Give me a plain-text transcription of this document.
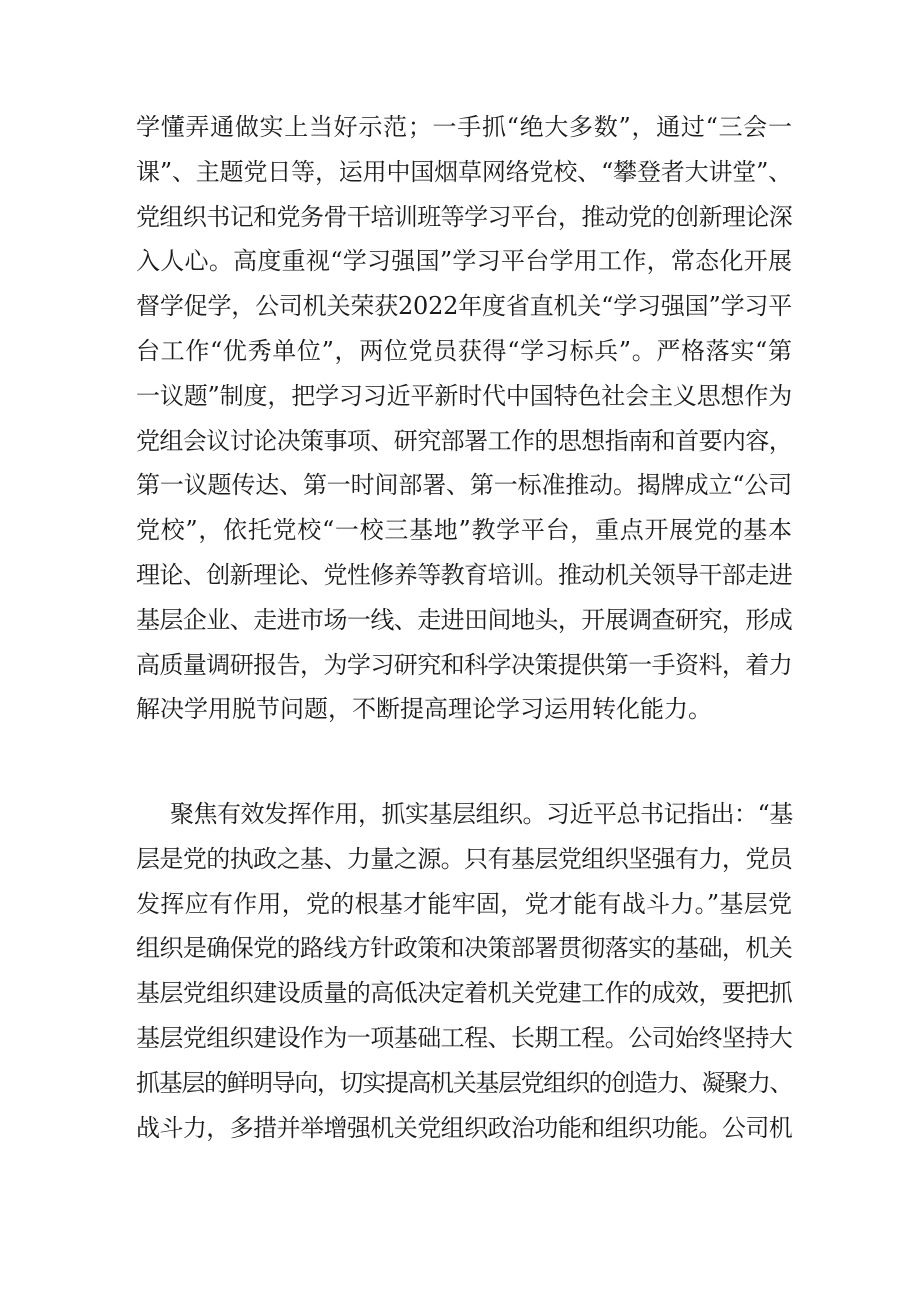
学懂弄通做实上当好示范；一手抓“绝大多数”，通过“三会一
课”、主题党日等，运用中国烟草网络党校、“攀登者大讲堂”、
党组织书记和党务骨干培训班等学习平台，推动党的创新理论深
入人心。高度重视“学习强国”学习平台学用工作，常态化开展
督学促学，公司机关荣获2022年度省直机关“学习强国”学习平
台工作“优秀单位”，两位党员获得“学习标兵”。严格落实“第
一议题”制度，把学习习近平新时代中国特色社会主义思想作为
党组会议讨论决策事项、研究部署工作的思想指南和首要内容，
第一议题传达、第一时间部署、第一标准推动。揭牌成立“公司
党校”，依托党校“一校三基地”教学平台，重点开展党的基本
理论、创新理论、党性修养等教育培训。推动机关领导干部走进
基层企业、走进市场一线、走进田间地头，开展调查研究，形成
高质量调研报告，为学习研究和科学决策提供第一手资料，着力
解决学用脱节问题，不断提高理论学习运用转化能力。
聚焦有效发挥作用，抓实基层组织。习近平总书记指出：“基
层是党的执政之基、力量之源。只有基层党组织坚强有力，党员
发挥应有作用，党的根基才能牢固，党才能有战斗力。”基层党
组织是确保党的路线方针政策和决策部署贯彻落实的基础，机关
基层党组织建设质量的高低决定着机关党建工作的成效，要把抓
基层党组织建设作为一项基础工程、长期工程。公司始终坚持大
抓基层的鲜明导向，切实提高机关基层党组织的创造力、凝聚力、
战斗力，多措并举增强机关党组织政治功能和组织功能。公司机
